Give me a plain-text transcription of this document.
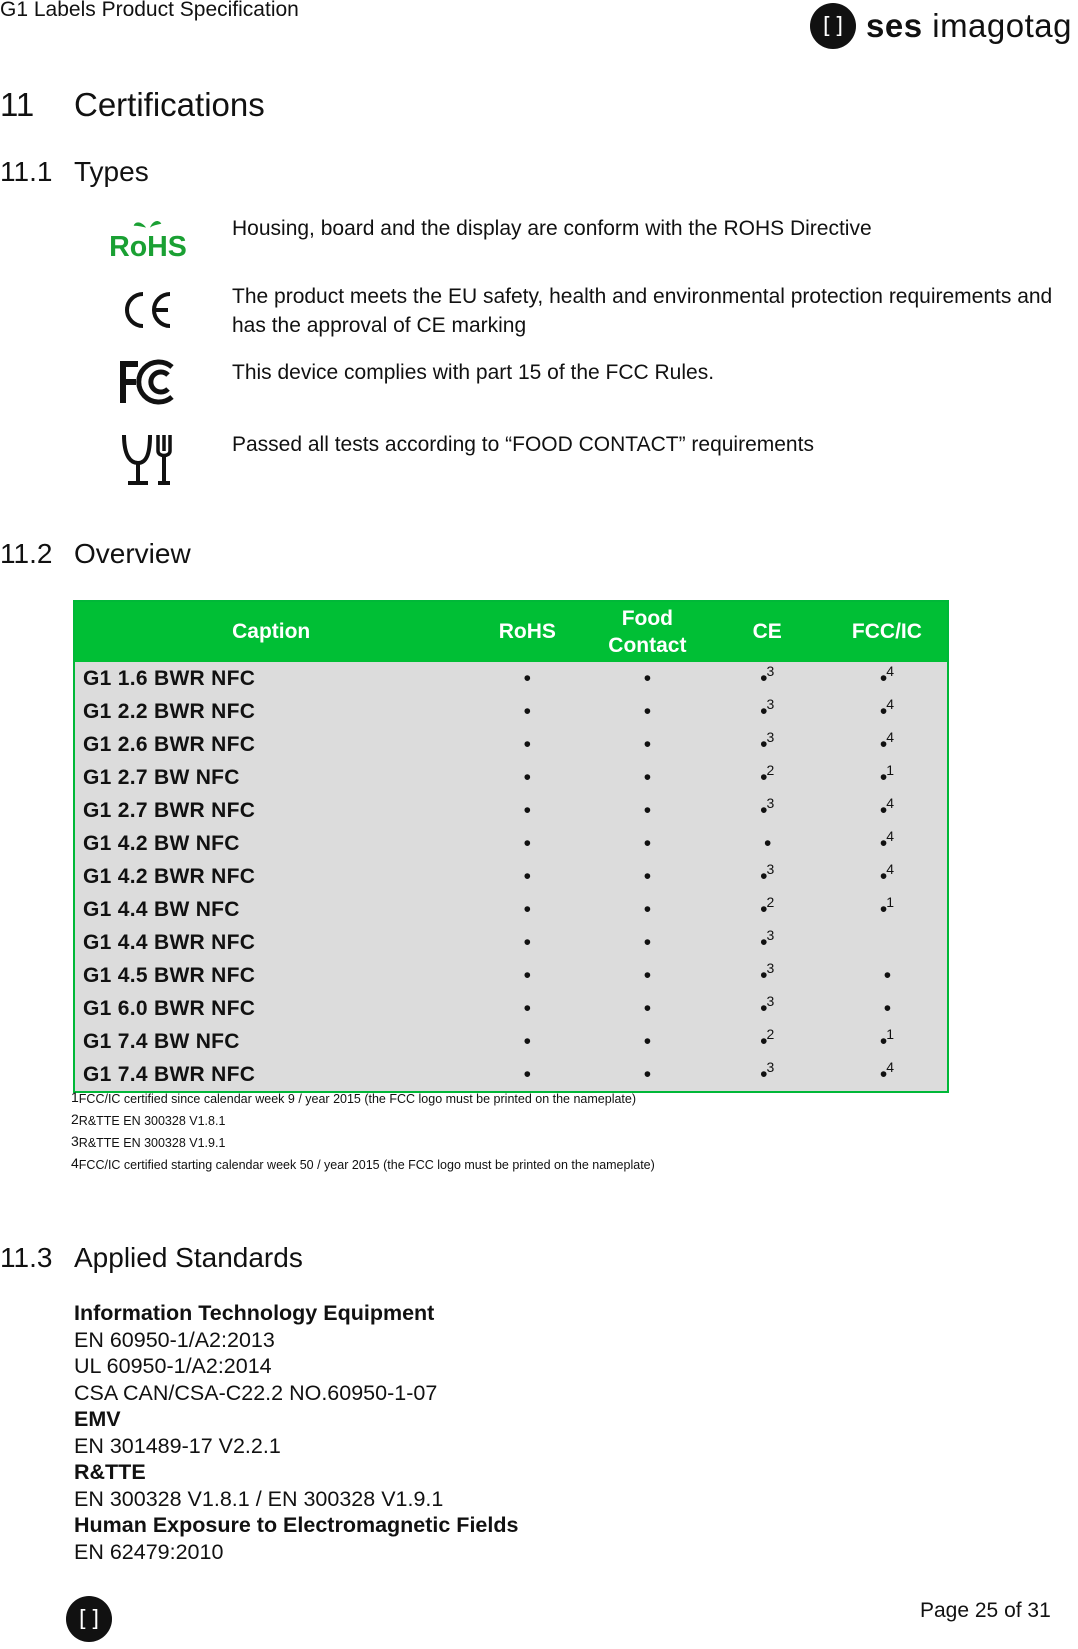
G1 Labels Product Specification
[] ses imagotag
11 Certifications
11.1 Types
RoHS
Housing, board and the display are conform with the ROHS Directive
The product meets the EU safety, health and environmental protection requirements and has the approval of CE marking
This device complies with part 15 of the FCC Rules.
Passed all tests according to “FOOD CONTACT” requirements
11.2 Overview
Caption	RoHS	Food Contact	CE	FCC/IC
G1 1.6 BWR NFC	•	•	•$^3$	•$^4$
G1 2.2 BWR NFC	•	•	•$^3$	•$^4$
G1 2.6 BWR NFC	•	•	•$^3$	•$^4$
G1 2.7 BW NFC	•	•	•$^2$	•$^1$
G1 2.7 BWR NFC	•	•	•$^3$	•$^4$
G1 4.2 BW NFC	•	•	•	•$^4$
G1 4.2 BWR NFC	•	•	•$^3$	•$^4$
G1 4.4 BW NFC	•	•	•$^2$	•$^1$
G1 4.4 BWR NFC	•	•	•$^3$	
G1 4.5 BWR NFC	•	•	•$^3$	•
G1 6.0 BWR NFC	•	•	•$^3$	•
G1 7.4 BW NFC	•	•	•$^2$	•$^1$
G1 7.4 BWR NFC	•	•	•$^3$	•$^4$
$^1$FCC/IC certified since calendar week 9 / year 2015 (the FCC logo must be printed on the nameplate)
$^2$R&TTE EN 300328 V1.8.1
$^3$R&TTE EN 300328 V1.9.1
$^4$FCC/IC certified starting calendar week 50 / year 2015 (the FCC logo must be printed on the nameplate)
11.3 Applied Standards
Information Technology Equipment
EN 60950-1/A2:2013
UL 60950-1/A2:2014
CSA CAN/CSA-C22.2 NO.60950-1-07
EMV
EN 301489-17 V2.2.1
R&TTE
EN 300328 V1.8.1 / EN 300328 V1.9.1
Human Exposure to Electromagnetic Fields
EN 62479:2010
[]	Page 25 of 31
